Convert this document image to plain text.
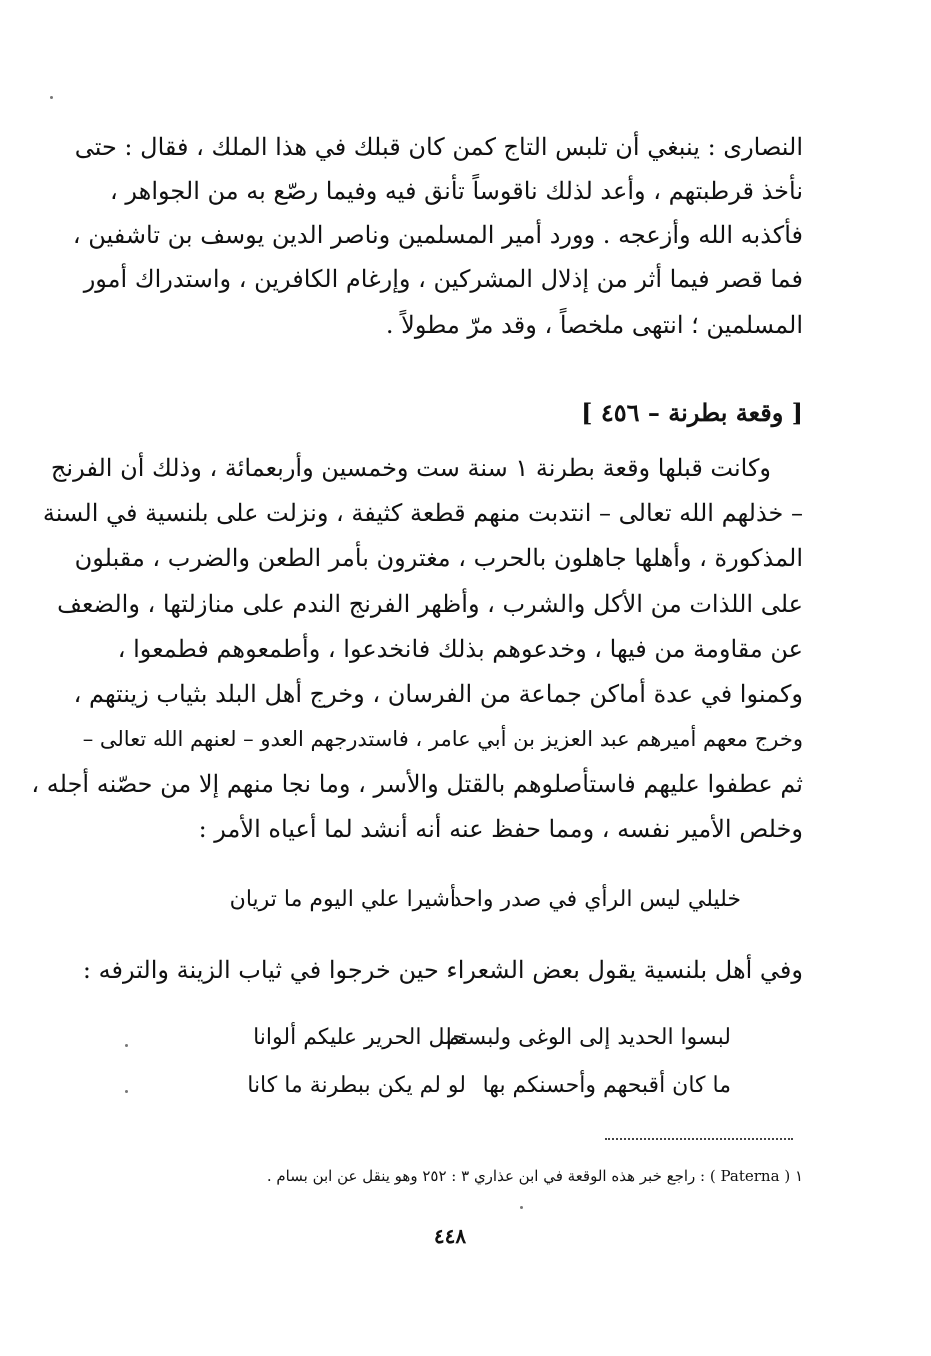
النصارى : ينبغي أن تلبس التاج كمن كان قبلك في هذا الملك ، فقال : حتى
نأخذ قرطبتهم ، وأعد لذلك ناقوساً تأنق فيه وفيما رصّع به من الجواهر ،
فأكذبه الله وأزعجه . وورد أمير المسلمين وناصر الدين يوسف بن تاشفين ،
فما قصر فيما أثر من إذلال المشركين ، وإرغام الكافرين ، واستدراك أمور
المسلمين ؛ انتهى ملخصاً ، وقد مرّ مطولاً .
[ وقعة بطرنة – ٤٥٦ ]
وكانت قبلها وقعة بطرنة ١ سنة ست وخمسين وأربعمائة ، وذلك أن الفرنج
– خذلهم الله تعالى – انتدبت منهم قطعة كثيفة ، ونزلت على بلنسية في السنة
المذكورة ، وأهلها جاهلون بالحرب ، مغترون بأمر الطعن والضرب ، مقبلون
على اللذات من الأكل والشرب ، وأظهر الفرنج الندم على منازلتها ، والضعف
عن مقاومة من فيها ، وخدعوهم بذلك فانخدعوا ، وأطمعوهم فطمعوا ،
وكمنوا في عدة أماكن جماعة من الفرسان ، وخرج أهل البلد بثياب زينتهم ،
وخرج معهم أميرهم عبد العزيز بن أبي عامر ، فاستدرجهم العدو – لعنهم الله تعالى –
ثم عطفوا عليهم فاستأصلوهم بالقتل والأسر ، وما نجا منهم إلا من حصّنه أجله ،
وخلص الأمير نفسه ، ومما حفظ عنه أنه أنشد لما أعياه الأمر :
خليلي ليس الرأي في صدر واحد
أشيرا علي اليوم ما تريان
وفي أهل بلنسية يقول بعض الشعراء حين خرجوا في ثياب الزينة والترفه :
لبسوا الحديد إلى الوغى ولبستم
حلل الحرير عليكم ألوانا
ما كان أقبحهم وأحسنكم بها
لو لم يكن ببطرنة ما كانا
١ ( Paterna ) : راجع خبر هذه الوقعة في ابن عذاري ٣ : ٢٥٢ وهو ينقل عن ابن بسام .
٤٤٨
